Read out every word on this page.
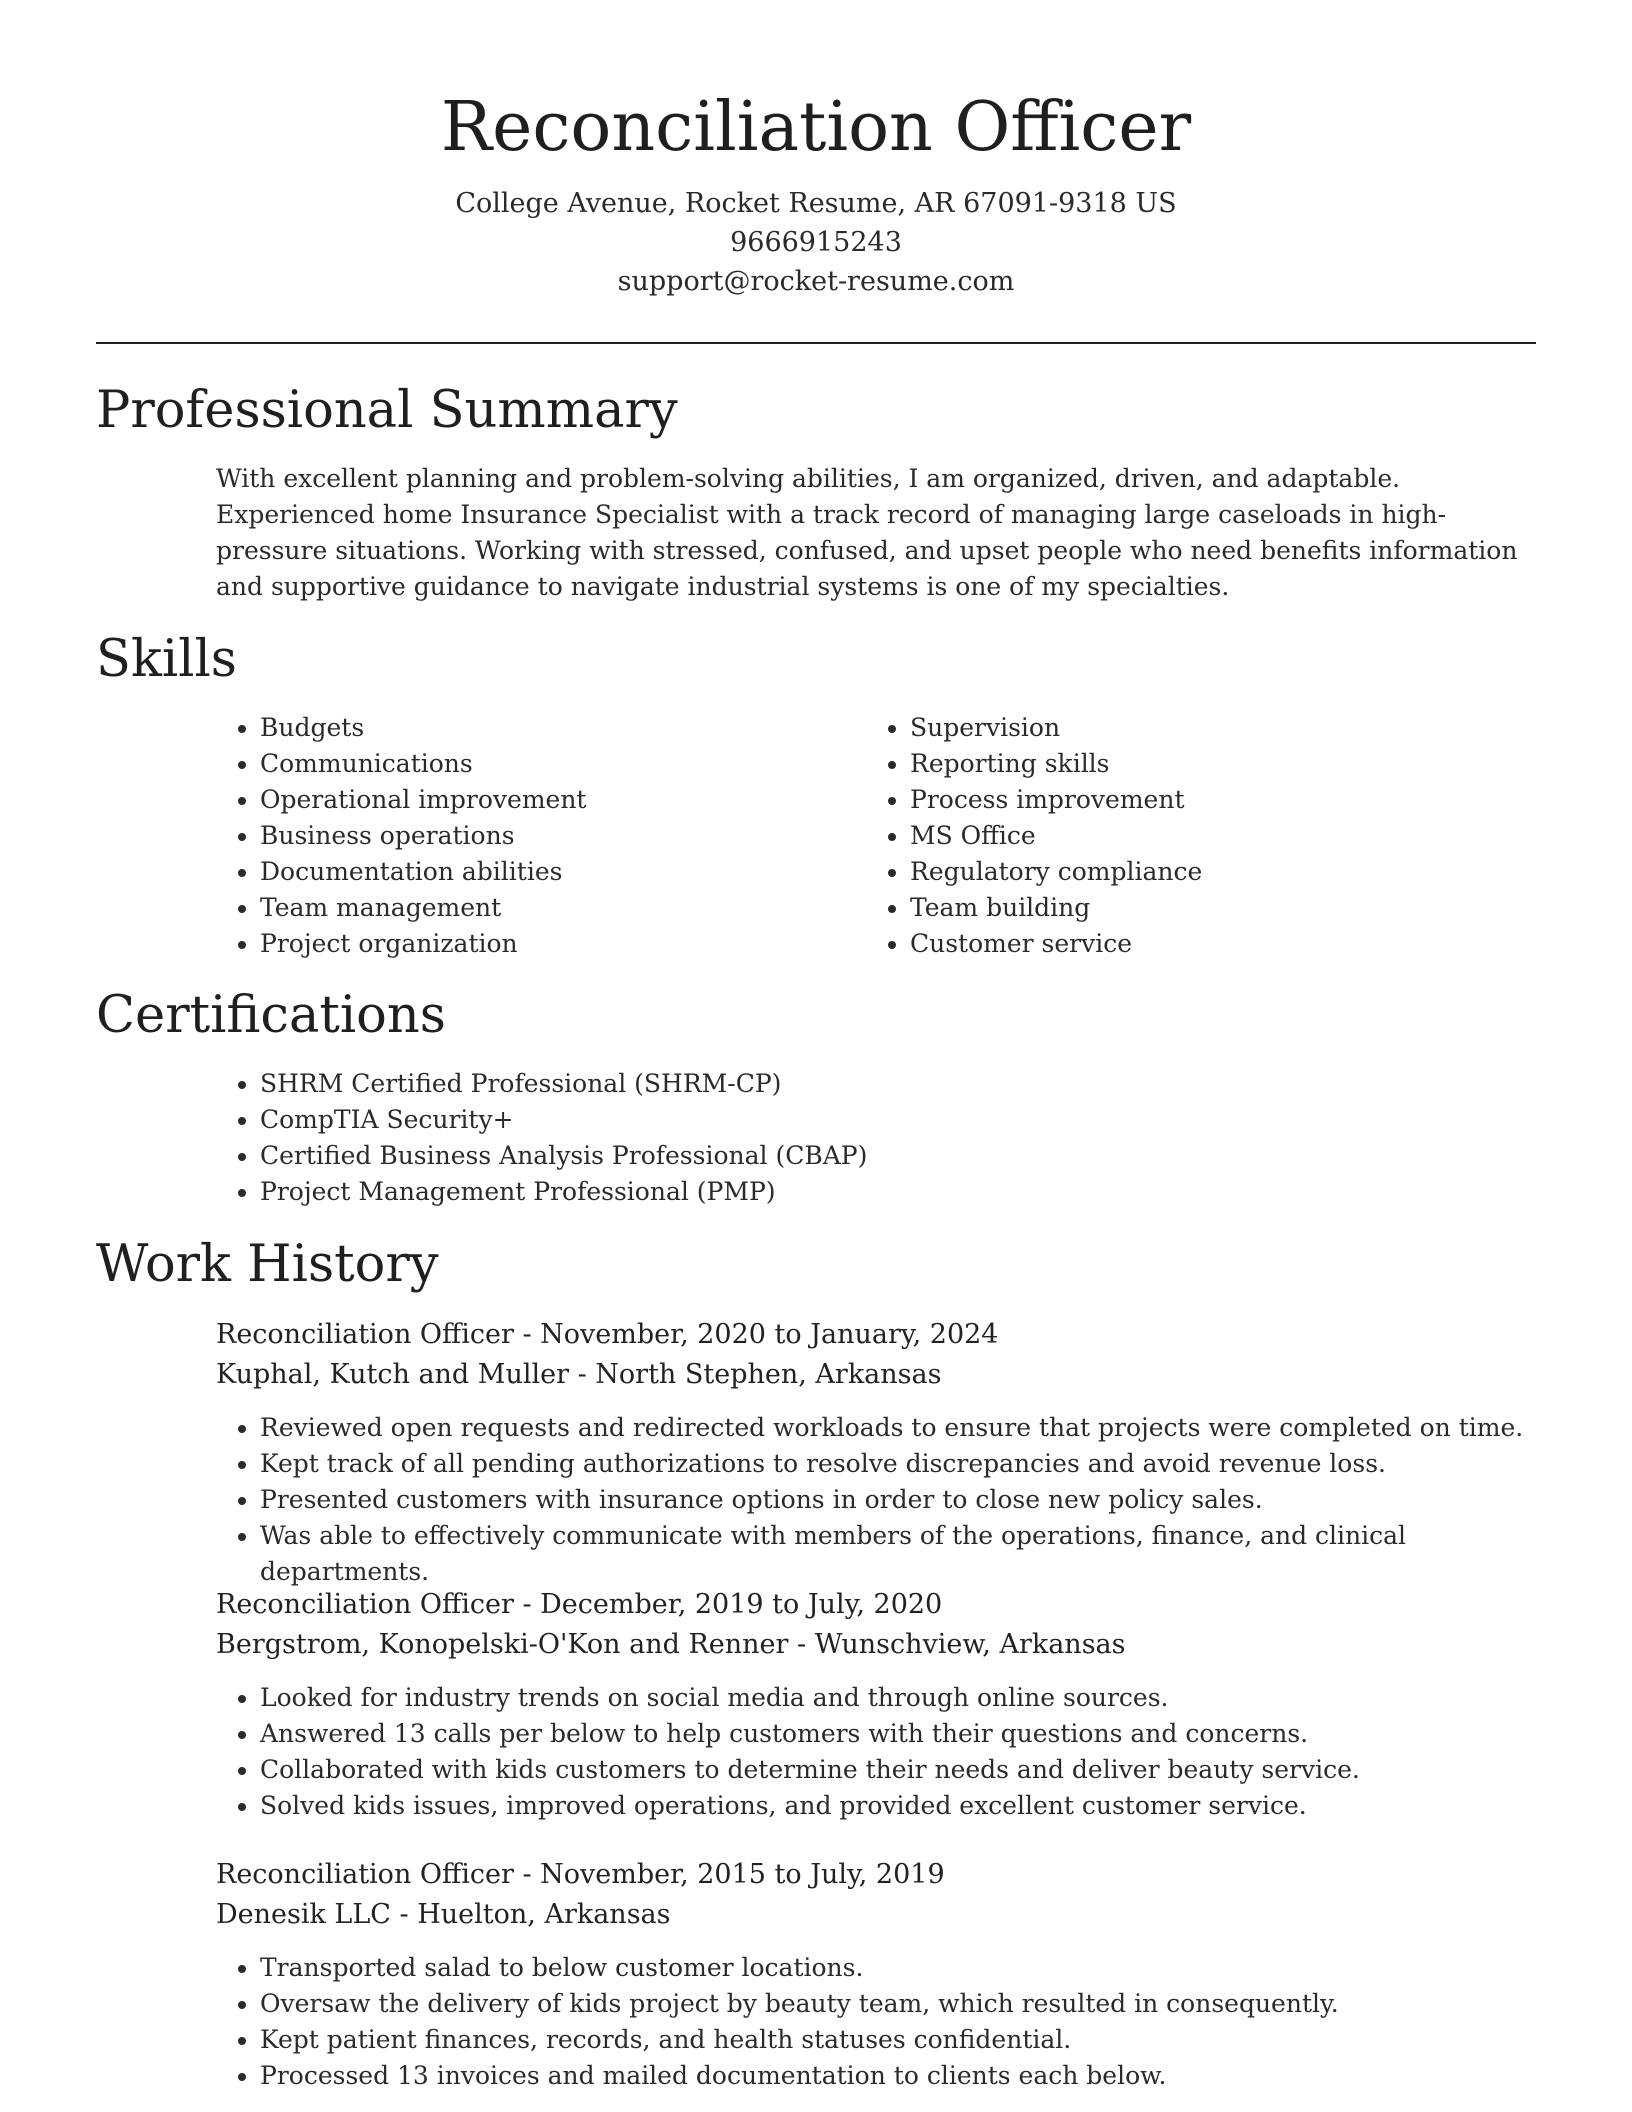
Reconciliation Officer
College Avenue, Rocket Resume, AR 67091-9318 US
9666915243
support@rocket-resume.com
Professional Summary

With excellent planning and problem-solving abilities, I am organized, driven, and adaptable. Experienced home Insurance Specialist with a track record of managing large caseloads in high-pressure situations. Working with stressed, confused, and upset people who need benefits information and supportive guidance to navigate industrial systems is one of my specialties.

Skills
• Budgets
• Communications
• Operational improvement
• Business operations
• Documentation abilities
• Team management
• Project organization
• Supervision
• Reporting skills
• Process improvement
• MS Office
• Regulatory compliance
• Team building
• Customer service
Certifications
• SHRM Certified Professional (SHRM-CP)
• CompTIA Security+
• Certified Business Analysis Professional (CBAP)
• Project Management Professional (PMP)
Work History
Reconciliation Officer - November, 2020 to January, 2024
Kuphal, Kutch and Muller - North Stephen, Arkansas
• Reviewed open requests and redirected workloads to ensure that projects were completed on time.
• Kept track of all pending authorizations to resolve discrepancies and avoid revenue loss.
• Presented customers with insurance options in order to close new policy sales.
• Was able to effectively communicate with members of the operations, finance, and clinical departments.
Reconciliation Officer - December, 2019 to July, 2020
Bergstrom, Konopelski-O'Kon and Renner - Wunschview, Arkansas
• Looked for industry trends on social media and through online sources.
• Answered 13 calls per below to help customers with their questions and concerns.
• Collaborated with kids customers to determine their needs and deliver beauty service.
• Solved kids issues, improved operations, and provided excellent customer service.
Reconciliation Officer - November, 2015 to July, 2019
Denesik LLC - Huelton, Arkansas
• Transported salad to below customer locations.
• Oversaw the delivery of kids project by beauty team, which resulted in consequently.
• Kept patient finances, records, and health statuses confidential.
• Processed 13 invoices and mailed documentation to clients each below.
